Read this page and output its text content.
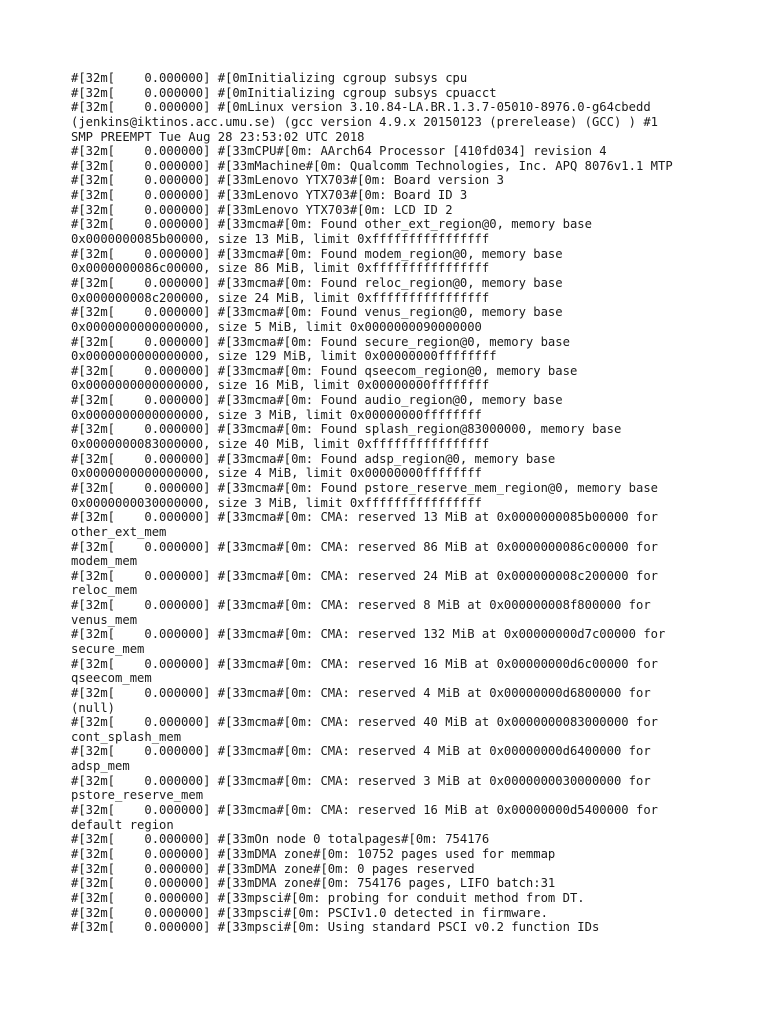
#[32m[    0.000000] #[0mInitializing cgroup subsys cpu
#[32m[    0.000000] #[0mInitializing cgroup subsys cpuacct
#[32m[    0.000000] #[0mLinux version 3.10.84-LA.BR.1.3.7-05010-8976.0-g64cbedd
(jenkins@iktinos.acc.umu.se) (gcc version 4.9.x 20150123 (prerelease) (GCC) ) #1
SMP PREEMPT Tue Aug 28 23:53:02 UTC 2018
#[32m[    0.000000] #[33mCPU#[0m: AArch64 Processor [410fd034] revision 4
#[32m[    0.000000] #[33mMachine#[0m: Qualcomm Technologies, Inc. APQ 8076v1.1 MTP
#[32m[    0.000000] #[33mLenovo YTX703#[0m: Board version 3
#[32m[    0.000000] #[33mLenovo YTX703#[0m: Board ID 3
#[32m[    0.000000] #[33mLenovo YTX703#[0m: LCD ID 2
#[32m[    0.000000] #[33mcma#[0m: Found other_ext_region@0, memory base
0x0000000085b00000, size 13 MiB, limit 0xffffffffffffffff
#[32m[    0.000000] #[33mcma#[0m: Found modem_region@0, memory base
0x0000000086c00000, size 86 MiB, limit 0xffffffffffffffff
#[32m[    0.000000] #[33mcma#[0m: Found reloc_region@0, memory base
0x000000008c200000, size 24 MiB, limit 0xffffffffffffffff
#[32m[    0.000000] #[33mcma#[0m: Found venus_region@0, memory base
0x0000000000000000, size 5 MiB, limit 0x0000000090000000
#[32m[    0.000000] #[33mcma#[0m: Found secure_region@0, memory base
0x0000000000000000, size 129 MiB, limit 0x00000000ffffffff
#[32m[    0.000000] #[33mcma#[0m: Found qseecom_region@0, memory base
0x0000000000000000, size 16 MiB, limit 0x00000000ffffffff
#[32m[    0.000000] #[33mcma#[0m: Found audio_region@0, memory base
0x0000000000000000, size 3 MiB, limit 0x00000000ffffffff
#[32m[    0.000000] #[33mcma#[0m: Found splash_region@83000000, memory base
0x0000000083000000, size 40 MiB, limit 0xffffffffffffffff
#[32m[    0.000000] #[33mcma#[0m: Found adsp_region@0, memory base
0x0000000000000000, size 4 MiB, limit 0x00000000ffffffff
#[32m[    0.000000] #[33mcma#[0m: Found pstore_reserve_mem_region@0, memory base
0x0000000030000000, size 3 MiB, limit 0xffffffffffffffff
#[32m[    0.000000] #[33mcma#[0m: CMA: reserved 13 MiB at 0x0000000085b00000 for
other_ext_mem
#[32m[    0.000000] #[33mcma#[0m: CMA: reserved 86 MiB at 0x0000000086c00000 for
modem_mem
#[32m[    0.000000] #[33mcma#[0m: CMA: reserved 24 MiB at 0x000000008c200000 for
reloc_mem
#[32m[    0.000000] #[33mcma#[0m: CMA: reserved 8 MiB at 0x000000008f800000 for
venus_mem
#[32m[    0.000000] #[33mcma#[0m: CMA: reserved 132 MiB at 0x00000000d7c00000 for
secure_mem
#[32m[    0.000000] #[33mcma#[0m: CMA: reserved 16 MiB at 0x00000000d6c00000 for
qseecom_mem
#[32m[    0.000000] #[33mcma#[0m: CMA: reserved 4 MiB at 0x00000000d6800000 for
(null)
#[32m[    0.000000] #[33mcma#[0m: CMA: reserved 40 MiB at 0x0000000083000000 for
cont_splash_mem
#[32m[    0.000000] #[33mcma#[0m: CMA: reserved 4 MiB at 0x00000000d6400000 for
adsp_mem
#[32m[    0.000000] #[33mcma#[0m: CMA: reserved 3 MiB at 0x0000000030000000 for
pstore_reserve_mem
#[32m[    0.000000] #[33mcma#[0m: CMA: reserved 16 MiB at 0x00000000d5400000 for
default region
#[32m[    0.000000] #[33mOn node 0 totalpages#[0m: 754176
#[32m[    0.000000] #[33mDMA zone#[0m: 10752 pages used for memmap
#[32m[    0.000000] #[33mDMA zone#[0m: 0 pages reserved
#[32m[    0.000000] #[33mDMA zone#[0m: 754176 pages, LIFO batch:31
#[32m[    0.000000] #[33mpsci#[0m: probing for conduit method from DT.
#[32m[    0.000000] #[33mpsci#[0m: PSCIv1.0 detected in firmware.
#[32m[    0.000000] #[33mpsci#[0m: Using standard PSCI v0.2 function IDs
